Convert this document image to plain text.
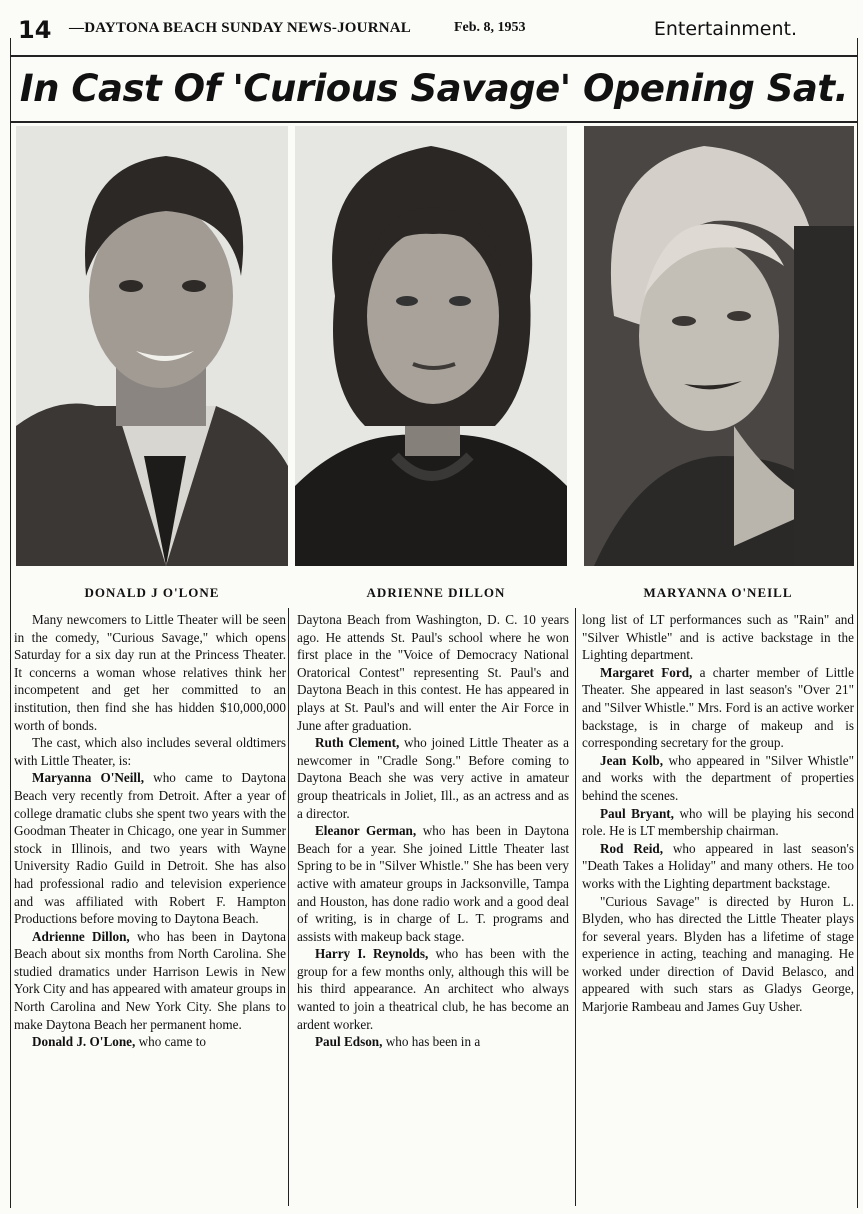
14 —DAYTONA BEACH SUNDAY NEWS-JOURNAL	Feb. 8, 1953	Entertainment.
In Cast Of 'Curious Savage' Opening Sat.
DONALD J O'LONE	ADRIENNE DILLON	MARYANNA O'NEILL

Many newcomers to Little Theater will be seen in the comedy, "Curious Savage," which opens Saturday for a six day run at the Princess Theater. It concerns a woman whose relatives think her incompetent and get her committed to an institution, then find she has hidden $10,000,000 worth of bonds.

The cast, which also includes several oldtimers with Little Theater, is:

Maryanna O'Neill, who came to Daytona Beach very recently from Detroit. After a year of college dramatic clubs she spent two years with the Goodman Theater in Chicago, one year in Summer stock in Illinois, and two years with Wayne University Radio Guild in Detroit. She has also had professional radio and television experience and was affiliated with Robert F. Hampton Productions before moving to Daytona Beach.

Adrienne Dillon, who has been in Daytona Beach about six months from North Carolina. She studied dramatics under Harrison Lewis in New York City and has appeared with amateur groups in North Carolina and New York City. She plans to make Daytona Beach her permanent home.

Donald J. O'Lone, who came to

Daytona Beach from Washington, D. C. 10 years ago. He attends St. Paul's school where he won first place in the "Voice of Democracy National Oratorical Contest" representing St. Paul's and Daytona Beach in this contest. He has appeared in plays at St. Paul's and will enter the Air Force in June after graduation.

Ruth Clement, who joined Little Theater as a newcomer in "Cradle Song." Before coming to Daytona Beach she was very active in amateur group theatricals in Joliet, Ill., as an actress and as a director.

Eleanor German, who has been in Daytona Beach for a year. She joined Little Theater last Spring to be in "Silver Whistle." She has been very active with amateur groups in Jacksonville, Tampa and Houston, has done radio work and a good deal of writing, is in charge of L. T. programs and assists with makeup back stage.

Harry I. Reynolds, who has been with the group for a few months only, although this will be his third appearance. An architect who always wanted to join a theatrical club, he has become an ardent worker.

Paul Edson, who has been in a

long list of LT performances such as "Rain" and "Silver Whistle" and is active backstage in the Lighting department.

Margaret Ford, a charter member of Little Theater. She appeared in last season's "Over 21" and "Silver Whistle." Mrs. Ford is an active worker backstage, is in charge of makeup and is corresponding secretary for the group.

Jean Kolb, who appeared in "Silver Whistle" and works with the department of properties behind the scenes.

Paul Bryant, who will be playing his second role. He is LT membership chairman.

Rod Reid, who appeared in last season's "Death Takes a Holiday" and many others. He too works with the Lighting department backstage.

"Curious Savage" is directed by Huron L. Blyden, who has directed the Little Theater plays for several years. Blyden has a lifetime of stage experience in acting, teaching and managing. He worked under direction of David Belasco, and appeared with such stars as Gladys George, Marjorie Rambeau and James Guy Usher.
